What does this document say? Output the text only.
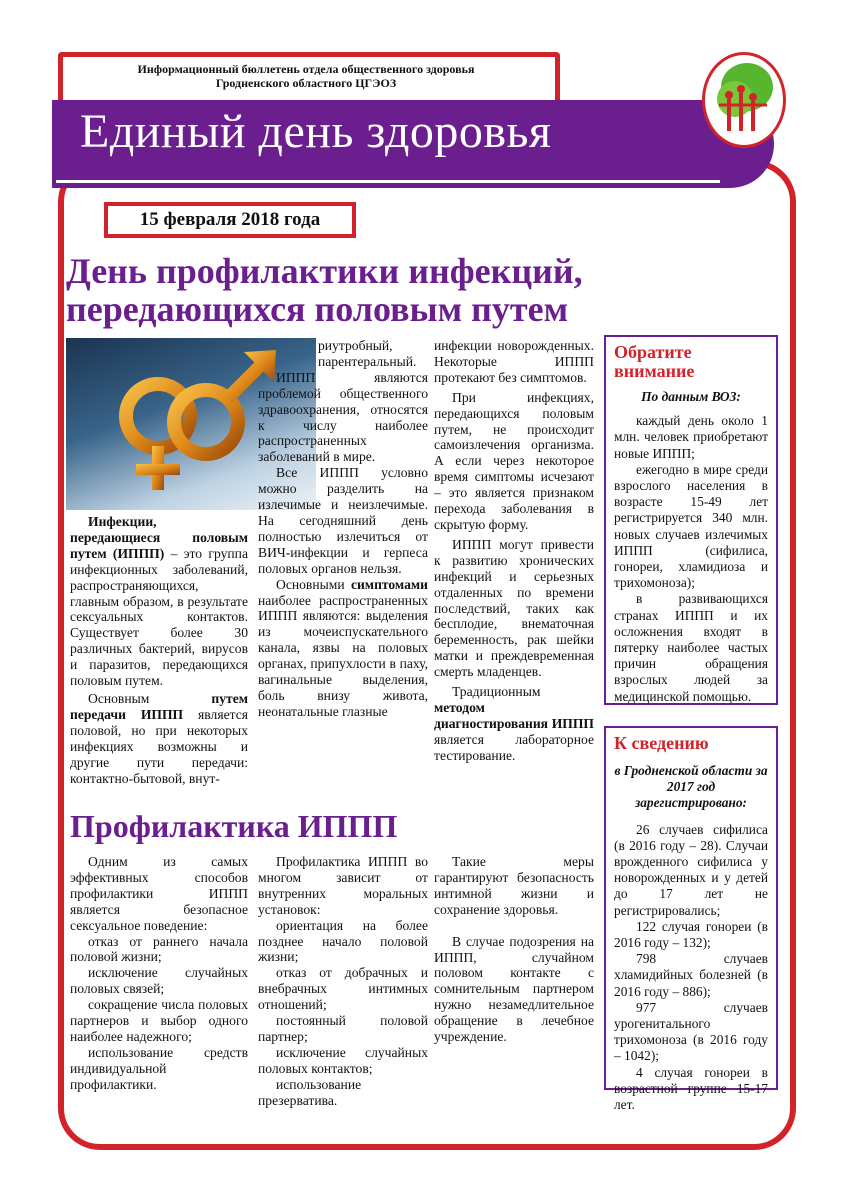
Информационный бюллетень отдела общественного здоровья
Гродненского областного ЦГЭОЗ
Единый день здоровья
15 февраля 2018 года
День профилактики инфекций,
передающихся половым путем

Инфекции, передающиеся половым путем (ИППП) – это группа инфекционных заболеваний, распространяющихся, главным образом, в результате сексуальных контактов. Существует более 30 различных бактерий, вирусов и паразитов, передающихся половым путем.

Основным путем передачи ИППП является половой, но при некоторых инфекциях возможны и другие пути передачи: контактно-бытовой, внут-

риутробный, парентеральный.

ИППП являются проблемой общественного здравоохранения, относятся к числу наиболее распространенных заболеваний в мире.

Все ИППП условно можно разделить на излечимые и неизлечимые. На сегодняшний день полностью излечиться от ВИЧ-инфекции и герпеса половых органов нельзя.

Основными симптомами наиболее распространенных ИППП являются: выделения из мочеиспускательного канала, язвы на половых органах, припухлости в паху, вагинальные выделения, боль внизу живота, неонатальные глазные

инфекции новорожденных. Некоторые ИППП протекают без симптомов.

При инфекциях, передающихся половым путем, не происходит самоизлечения организма. А если через некоторое время симптомы исчезают – это является признаком перехода заболевания в скрытую форму.

ИППП могут привести к развитию хронических инфекций и серьезных отдаленных по времени последствий, таких как бесплодие, внематочная беременность, рак шейки матки и преждевременная смерть младенцев.

Традиционным методом диагностирования ИППП является лабораторное тестирование.

Обратите внимание

По данным ВОЗ:

каждый день около 1 млн. человек приобретают новые ИППП;

ежегодно в мире среди взрослого населения в возрасте 15-49 лет регистрируется 340 млн. новых случаев излечимых ИППП (сифилиса, гонореи, хламидиоза и трихомоноза);

в развивающихся странах ИППП и их осложнения входят в пятерку наиболее частых причин обращения взрослых людей за медицинской помощью.

Профилактика ИППП

Одним из самых эффективных способов профилактики ИППП является безопасное сексуальное поведение:

отказ от раннего начала половой жизни;

исключение случайных половых связей;

сокращение числа половых партнеров и выбор одного наиболее надежного;

использование средств индивидуальной профилактики.

Профилактика ИППП во многом зависит от внутренних моральных установок:

ориентация на более позднее начало половой жизни;

отказ от добрачных и внебрачных интимных отношений;

постоянный половой партнер;

исключение случайных половых контактов;

использование презерватива.

Такие меры гарантируют безопасность интимной жизни и сохранение здоровья.

В случае подозрения на ИППП, случайном половом контакте с сомнительным партнером нужно незамедлительное обращение в лечебное учреждение.

К сведению

в Гродненской области за 2017 год зарегистрировано:

26 случаев сифилиса (в 2016 году – 28). Случаи врожденного сифилиса у новорожденных и у детей до 17 лет не регистрировались;

122 случая гонореи (в 2016 году – 132);

798 случаев хламидийных болезней (в 2016 году – 886);

977 случаев урогенитального трихомоноза (в 2016 году – 1042);

4 случая гонореи в возрастной группе 15-17 лет.
